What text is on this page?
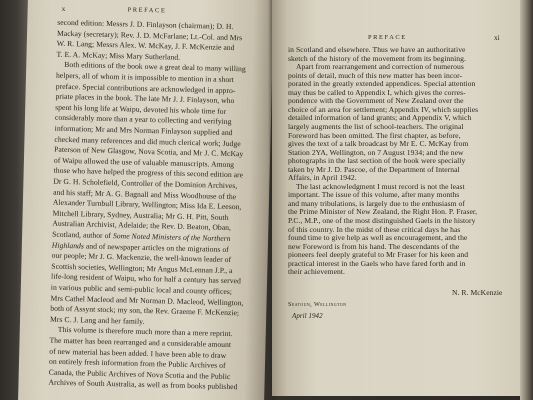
x	PREFACE
second edition: Messrs J. D. Finlayson (chairman); D. H.
Mackay (secretary); Rev. J. D. McFarlane; Lt.-Col. and Mrs
W. R. Lang; Messrs Alex. W. McKay, J. F. McKenzie and
T. E. A. McKay; Miss Mary Sutherland.
Both editions of the book owe a great deal to many willing
helpers, all of whom it is impossible to mention in a short
preface. Special contributions are acknowledged in appro-
priate places in the book. The late Mr J. J. Finlayson, who
spent his long life at Waipu, devoted his whole time for
considerably more than a year to collecting and verifying
information; Mr and Mrs Norman Finlayson supplied and
checked many references and did much clerical work; Judge
Paterson of New Glasgow, Nova Scotia, and Mr J. C. McKay
of Waipu allowed the use of valuable manuscripts. Among
those who have helped the progress of this second edition are
Dr G. H. Scholefield, Controller of the Dominion Archives,
and his staff; Mr A. G. Bagnall and Miss Woodhouse of the
Alexander Turnbull Library, Wellington; Miss Ida E. Leeson,
Mitchell Library, Sydney, Australia; Mr G. H. Pitt, South
Australian Archivist, Adelaide; the Rev. D. Beaton, Oban,
Scotland, author of Some Noted Ministers of the Northern
Highlands and of newspaper articles on the migrations of
our people; Mr J. G. Mackenzie, the well-known leader of
Scottish societies, Wellington; Mr Angus McLennan J.P., a
life-long resident of Waipu, who for half a century has served
in various public and semi-public local and county offices;
Mrs Cathel Macleod and Mr Norman D. Macleod, Wellington,
both of Assynt stock; my son, the Rev. Graeme F. McKenzie;
Mrs C. J. Lang and her family.
This volume is therefore much more than a mere reprint.
The matter has been rearranged and a considerable amount
of new material has been added. I have been able to draw
on entirely fresh information from the Public Archives of
Canada, the Public Archives of Nova Scotia and the Public
Archives of South Australia, as well as from books published
PREFACE	xi
in Scotland and elsewhere. Thus we have an authoritative
sketch of the history of the movement from its beginning.
Apart from rearrangement and correction of numerous
points of detail, much of this new matter has been incor-
porated in the greatly extended appendices. Special attention
may thus be called to Appendix I, which gives the corres-
pondence with the Government of New Zealand over the
choice of an area for settlement; Appendix IV, which supplies
detailed information of land grants; and Appendix V, which
largely augments the list of school-teachers. The original
Foreword has been omitted. The first chapter, as before,
gives the text of a talk broadcast by Mr E. C. McKay from
Station 2YA, Wellington, on 7 August 1934; and the new
photographs in the last section of the book were specially
taken by Mr J. D. Pascoe, of the Department of Internal
Affairs, in April 1942.
The last acknowledgment I must record is not the least
important. The issue of this volume, after many months
and many tribulations, is largely due to the enthusiasm of
the Prime Minister of New Zealand, the Right Hon. P. Fraser,
P.C., M.P., one of the most distinguished Gaels in the history
of this country. In the midst of these critical days he has
found time to give help as well as encouragement, and the
new Foreword is from his hand. The descendants of the
pioneers feel deeply grateful to Mr Fraser for his keen and
practical interest in the Gaels who have fared forth and in
their achievement.
N. R. McKenzie
Seatoun, Wellington
April 1942
